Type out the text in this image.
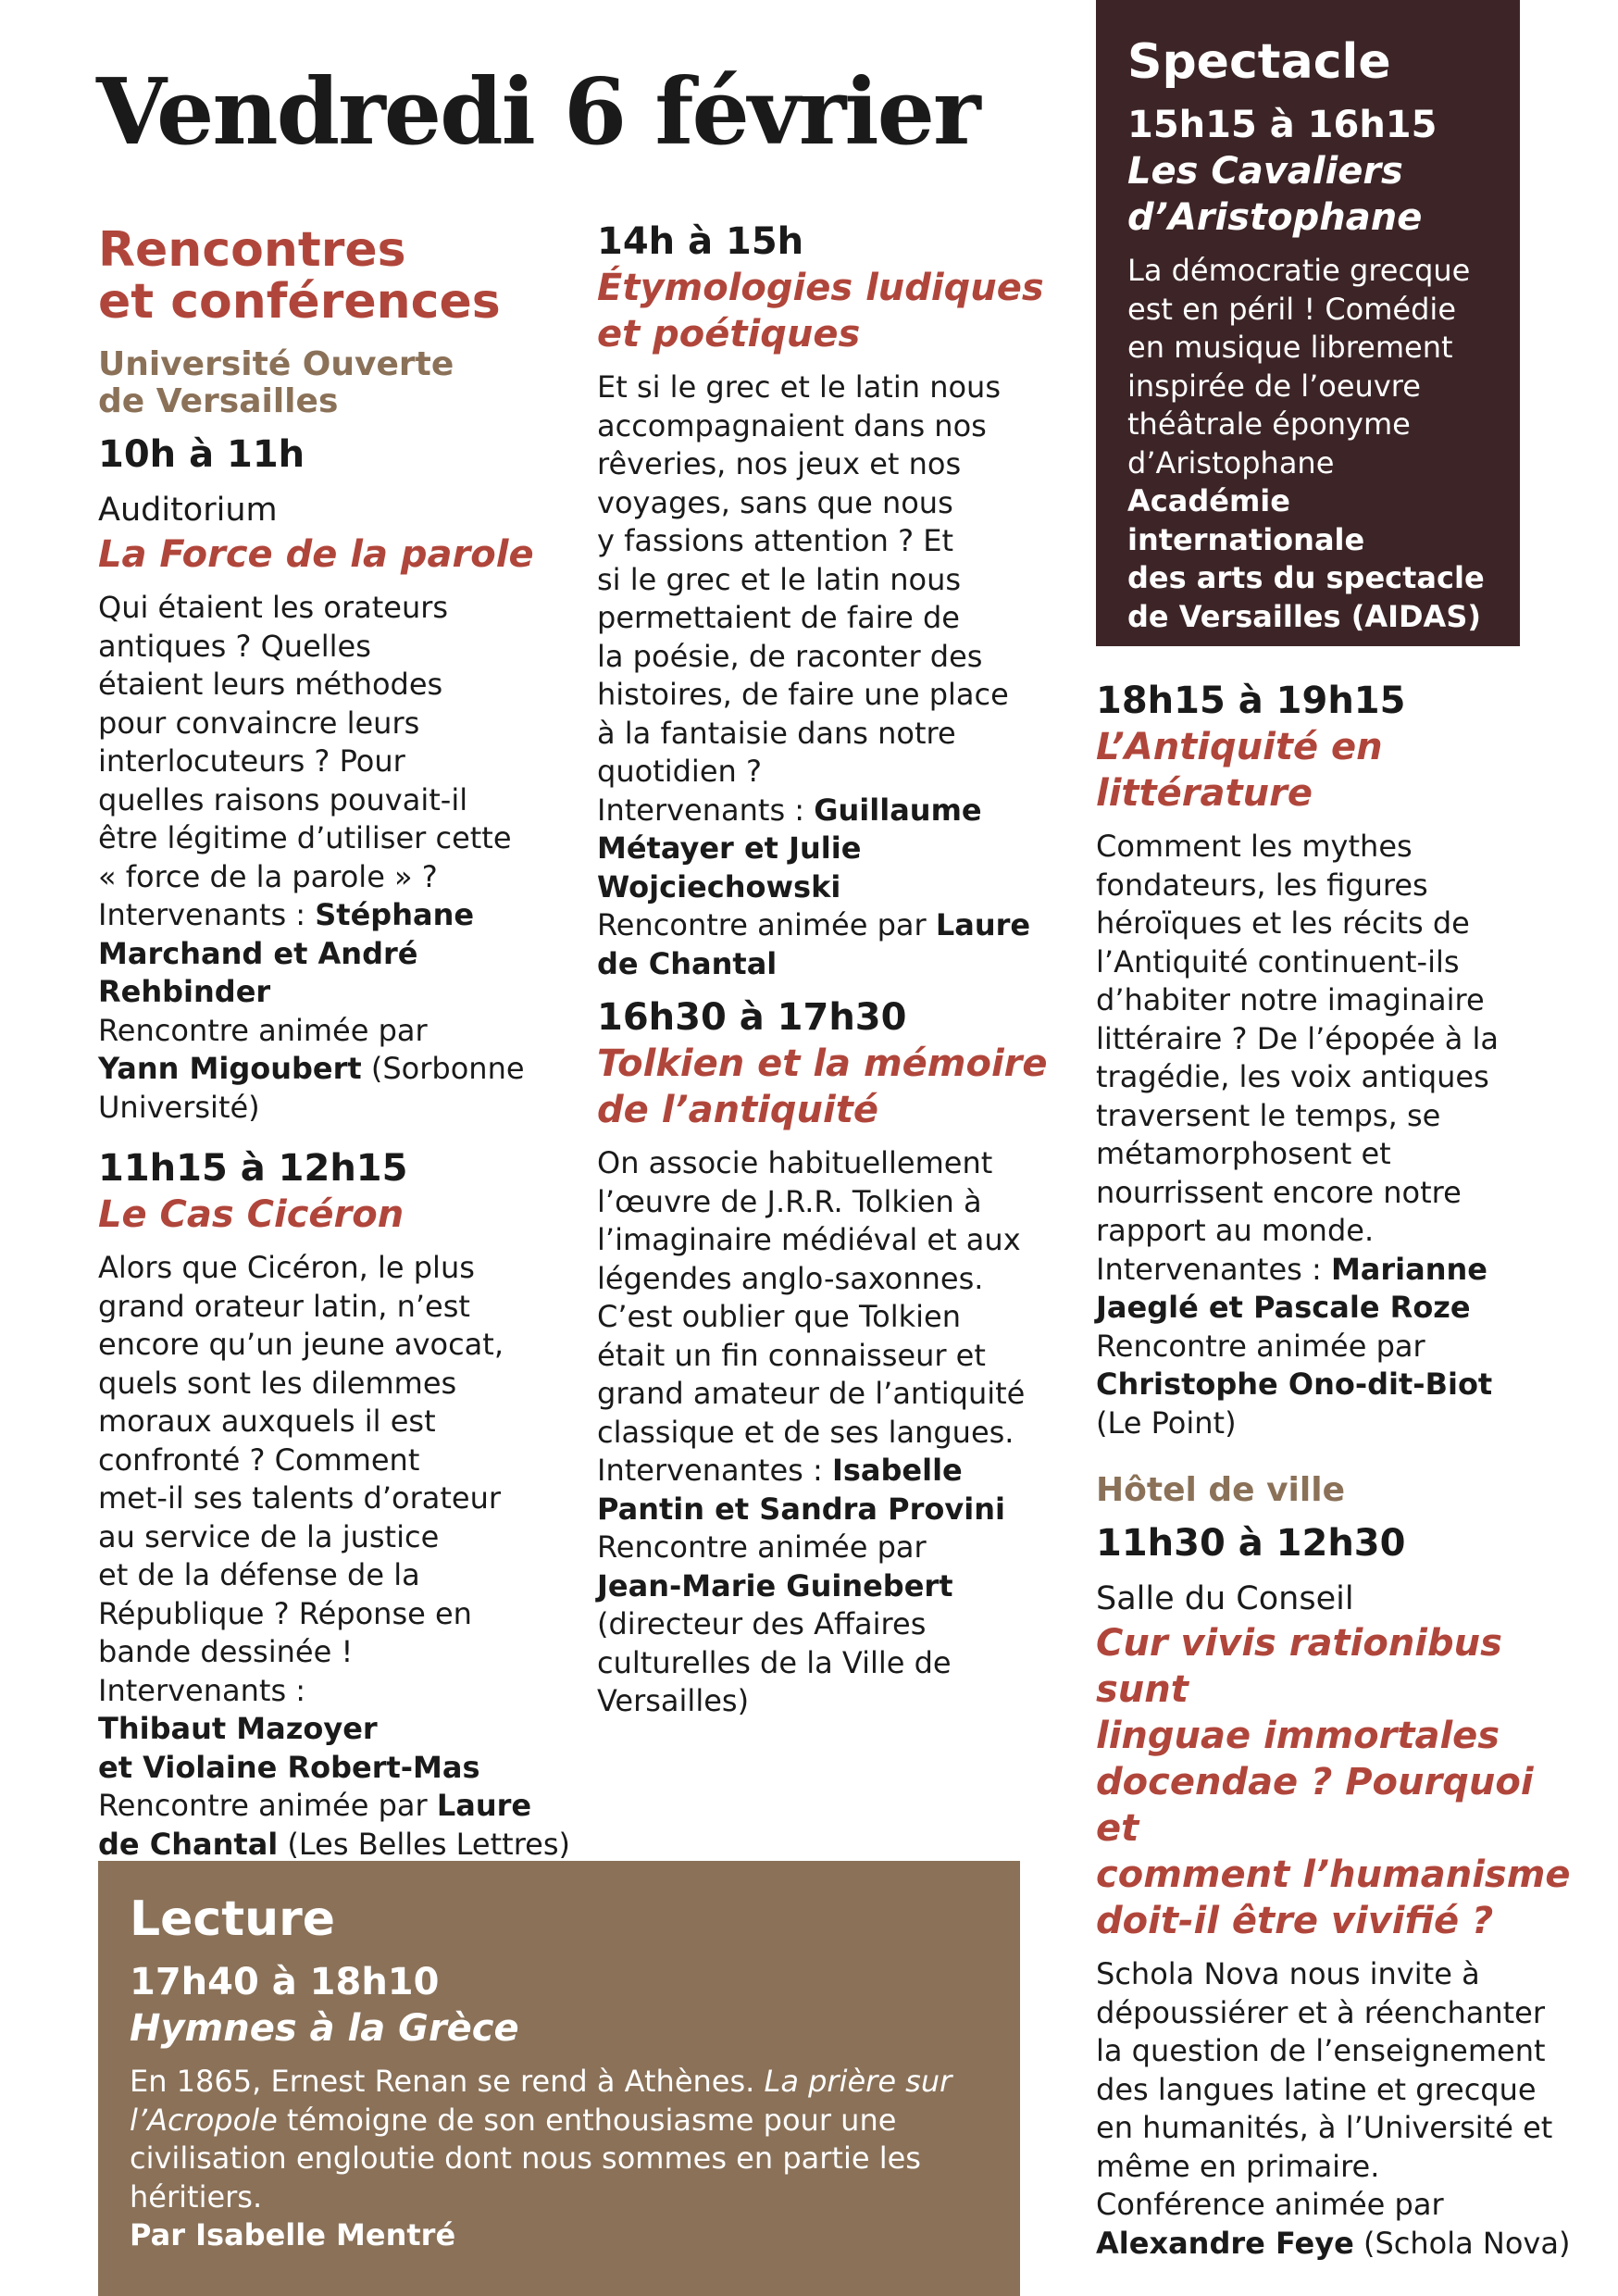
Vendredi 6 février

Rencontres
et conférences

Université Ouverte
de Versailles

10h à 11h

Auditorium

La Force de la parole

Qui étaient les orateurs

antiques ? Quelles

étaient leurs méthodes

pour convaincre leurs

interlocuteurs ? Pour

quelles raisons pouvait-il

être légitime d’utiliser cette

« force de la parole » ?

Intervenants : Stéphane

Marchand et André Rehbinder

Rencontre animée par

Yann Migoubert (Sorbonne

Université)

11h15 à 12h15

Le Cas Cicéron

Alors que Cicéron, le plus

grand orateur latin, n’est

encore qu’un jeune avocat,

quels sont les dilemmes

moraux auxquels il est

confronté ? Comment

met-il ses talents d’orateur

au service de la justice

et de la défense de la

République ? Réponse en

bande dessinée !

Intervenants :

Thibaut Mazoyer

et Violaine Robert-Mas

Rencontre animée par Laure

de Chantal (Les Belles Lettres)

14h à 15h

Étymologies ludiques
et poétiques

Et si le grec et le latin nous

accompagnaient dans nos

rêveries, nos jeux et nos

voyages, sans que nous

y fassions attention ? Et

si le grec et le latin nous

permettaient de faire de

la poésie, de raconter des

histoires, de faire une place

à la fantaisie dans notre

quotidien ?

Intervenants : Guillaume

Métayer et Julie

Wojciechowski

Rencontre animée par Laure

de Chantal

16h30 à 17h30

Tolkien et la mémoire
de l’antiquité

On associe habituellement

l’œuvre de J.R.R. Tolkien à

l’imaginaire médiéval et aux

légendes anglo-saxonnes.

C’est oublier que Tolkien

était un fin connaisseur et

grand amateur de l’antiquité

classique et de ses langues.

Intervenantes : Isabelle

Pantin et Sandra Provini

Rencontre animée par

Jean-Marie Guinebert

(directeur des Affaires

culturelles de la Ville de

Versailles)

Spectacle

15h15 à 16h15

Les Cavaliers
d’Aristophane

La démocratie grecque

est en péril ! Comédie

en musique librement

inspirée de l’oeuvre

théâtrale éponyme

d’Aristophane

Académie internationale

des arts du spectacle

de Versailles (AIDAS)

18h15 à 19h15

L’Antiquité en littérature

Comment les mythes

fondateurs, les figures

héroïques et les récits de

l’Antiquité continuent-ils

d’habiter notre imaginaire

littéraire ? De l’épopée à la

tragédie, les voix antiques

traversent le temps, se

métamorphosent et

nourrissent encore notre

rapport au monde.

Intervenantes : Marianne

Jaeglé et Pascale Roze

Rencontre animée par

Christophe Ono-dit-Biot

(Le Point)

Hôtel de ville

11h30 à 12h30

Salle du Conseil

Cur vivis rationibus sunt

linguae immortales

docendae ? Pourquoi et

comment l’humanisme

doit-il être vivifié ?

Schola Nova nous invite à

dépoussiérer et à réenchanter

la question de l’enseignement

des langues latine et grecque

en humanités, à l’Université et

même en primaire.

Conférence animée par

Alexandre Feye (Schola Nova)

Lecture

17h40 à 18h10

Hymnes à la Grèce

En 1865, Ernest Renan se rend à Athènes. La prière sur

l’Acropole témoigne de son enthousiasme pour une

civilisation engloutie dont nous sommes en partie les

héritiers.

Par Isabelle Mentré
